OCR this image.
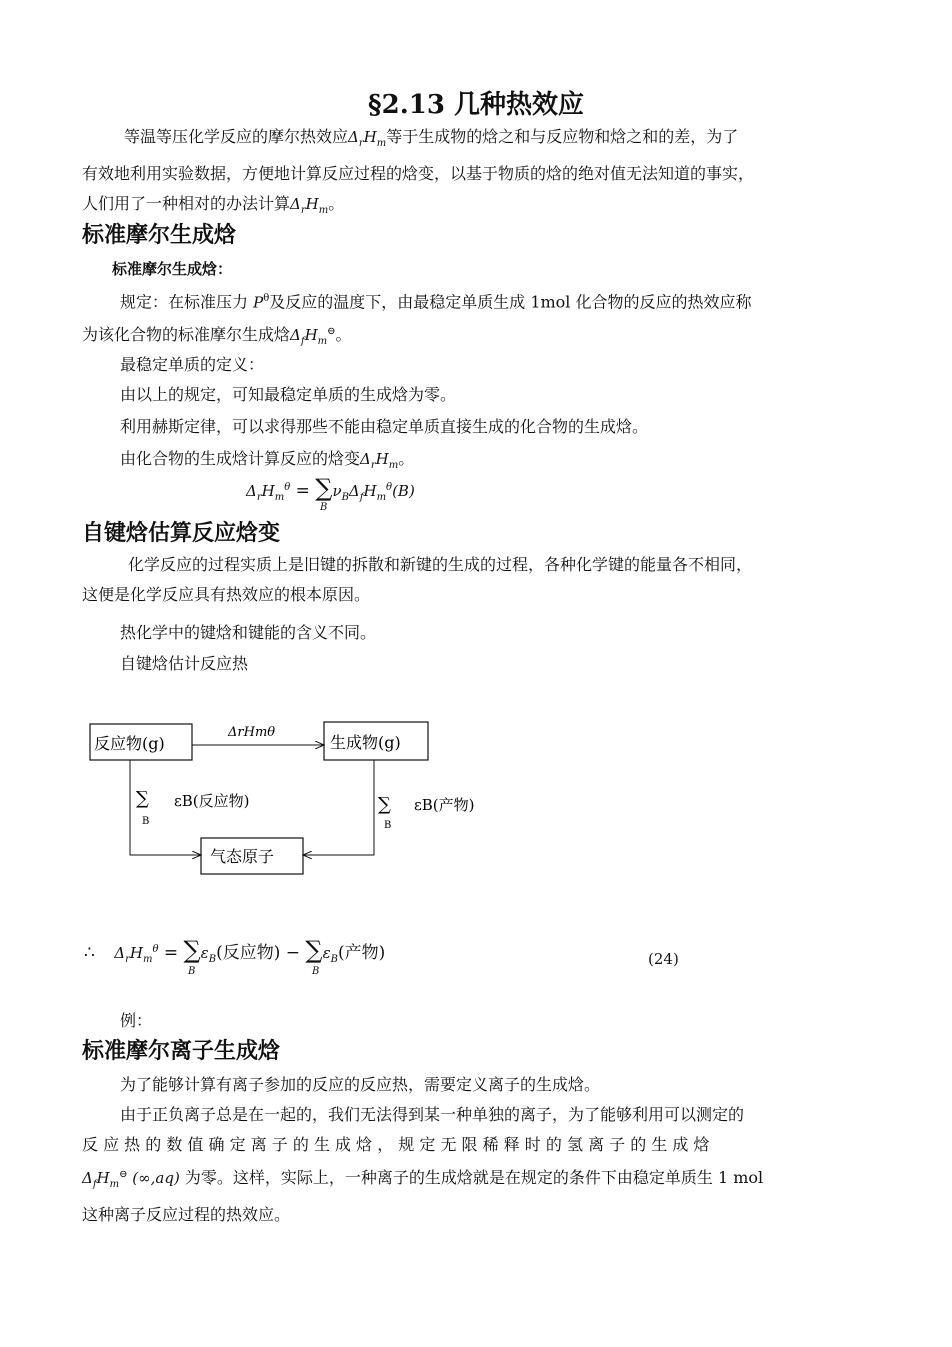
§2.13 几种热效应
等温等压化学反应的摩尔热效应$\Delta_rH_m$等于生成物的焓之和与反应物和焓之和的差，为了
有效地利用实验数据，方便地计算反应过程的焓变，以基于物质的焓的绝对值无法知道的事实，
人们用了一种相对的办法计算$\Delta_rH_m$。
标准摩尔生成焓
标准摩尔生成焓：
规定：在标准压力 $P^\theta$及反应的温度下，由最稳定单质生成 1mol 化合物的反应的热效应称
为该化合物的标准摩尔生成焓$\Delta_fH_m^⊖$。
最稳定单质的定义：
由以上的规定，可知最稳定单质的生成焓为零。
利用赫斯定律，可以求得那些不能由稳定单质直接生成的化合物的生成焓。
由化合物的生成焓计算反应的焓变$\Delta_rH_m$。
$\Delta_rH_m^\theta = \sum\nu_B\Delta_fH_m^\theta(B)$
B
自键焓估算反应焓变
化学反应的过程实质上是旧键的拆散和新键的生成的过程，各种化学键的能量各不相同，
这便是化学反应具有热效应的根本原因。
热化学中的键焓和键能的含义不同。
自键焓估计反应热
反应物(g)	生成物(g)
气态原子
ΔrHmθ
∑
B
εB(反应物)	∑
B
εB(产物)
∴ $\Delta_rH_m^\theta = \sum\varepsilon_B$(反应物) − $\sum\varepsilon_B$(产物)
B	B
(24)
例：
标准摩尔离子生成焓
为了能够计算有离子参加的反应的反应热，需要定义离子的生成焓。
由于正负离子总是在一起的，我们无法得到某一种单独的离子，为了能够利用可以测定的
反 应 热 的 数 值 确 定 离 子 的 生 成 焓 ， 规 定 无 限 稀 释 时 的 氢 离 子 的 生 成 焓
$\Delta_fH_m^⊖$ (∞,aq) 为零。这样，实际上，一种离子的生成焓就是在规定的条件下由稳定单质生 1 mol
这种离子反应过程的热效应。
